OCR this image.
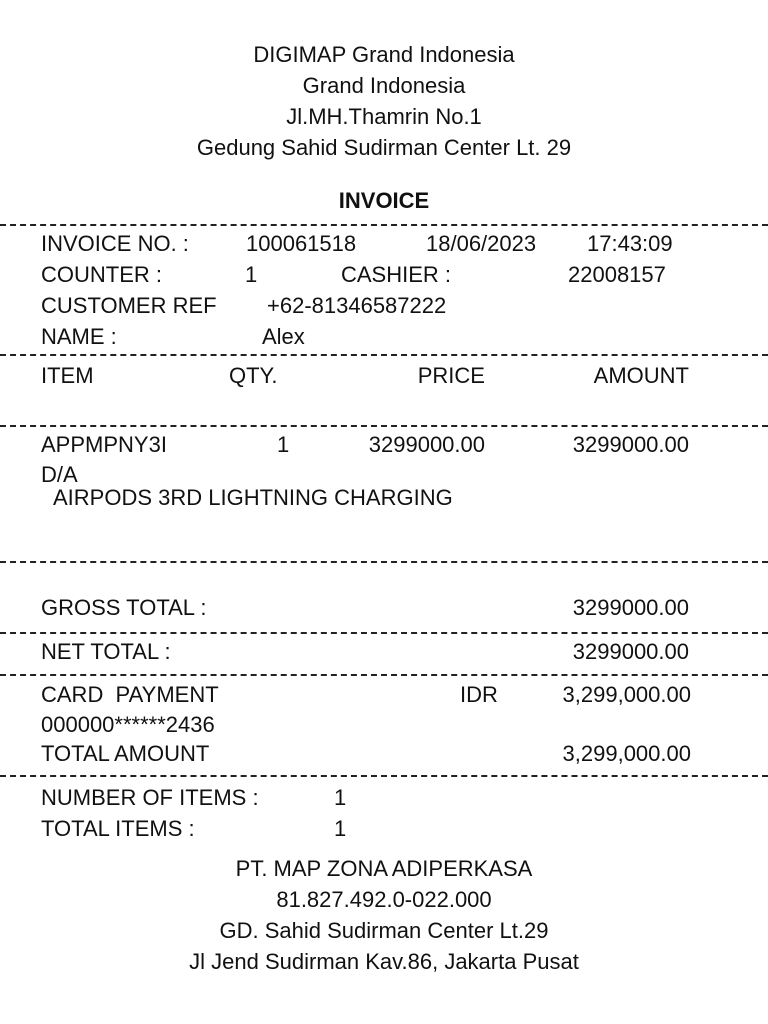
DIGIMAP Grand Indonesia
Grand Indonesia
Jl.MH.Thamrin No.1
Gedung Sahid Sudirman Center Lt. 29
INVOICE
INVOICE NO. :	100061518	18/06/2023 17:43:09
COUNTER :	1	CASHIER :	22008157
CUSTOMER REF +62-81346587222
NAME :	Alex
ITEM	QTY.	PRICE	AMOUNT
APPMPNY3I	1	3299000.00	3299000.00
D/A
AIRPODS 3RD LIGHTNING CHARGING
GROSS TOTAL :	3299000.00
NET TOTAL :	3299000.00
CARD  PAYMENT	IDR	3,299,000.00
000000******2436
TOTAL AMOUNT	3,299,000.00
NUMBER OF ITEMS :	1
TOTAL ITEMS :	1
PT. MAP ZONA ADIPERKASA
81.827.492.0-022.000
GD. Sahid Sudirman Center Lt.29
Jl Jend Sudirman Kav.86, Jakarta Pusat
